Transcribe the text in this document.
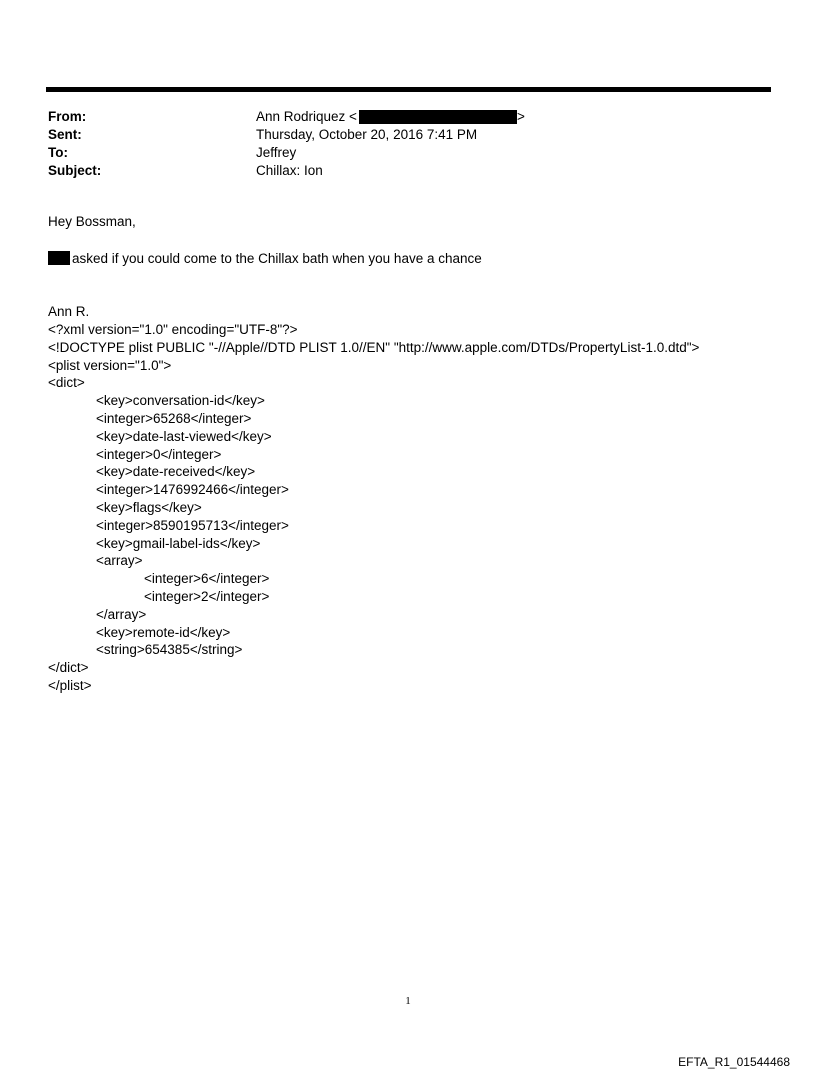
From:	Ann Rodriquez <	>
Sent:	Thursday, October 20, 2016 7:41 PM
To:	Jeffrey
Subject:	Chillax: Ion
Hey Bossman,
asked if you could come to the Chillax bath when you have a chance
Ann R.
<?xml version="1.0" encoding="UTF-8"?>
<!DOCTYPE plist PUBLIC "-//Apple//DTD PLIST 1.0//EN" "http://www.apple.com/DTDs/PropertyList-1.0.dtd">
<plist version="1.0">
<dict>
<key>conversation-id</key>
<integer>65268</integer>
<key>date-last-viewed</key>
<integer>0</integer>
<key>date-received</key>
<integer>1476992466</integer>
<key>flags</key>
<integer>8590195713</integer>
<key>gmail-label-ids</key>
<array>
<integer>6</integer>
<integer>2</integer>
</array>
<key>remote-id</key>
<string>654385</string>
</dict>
</plist>
1
EFTA_R1_01544468
